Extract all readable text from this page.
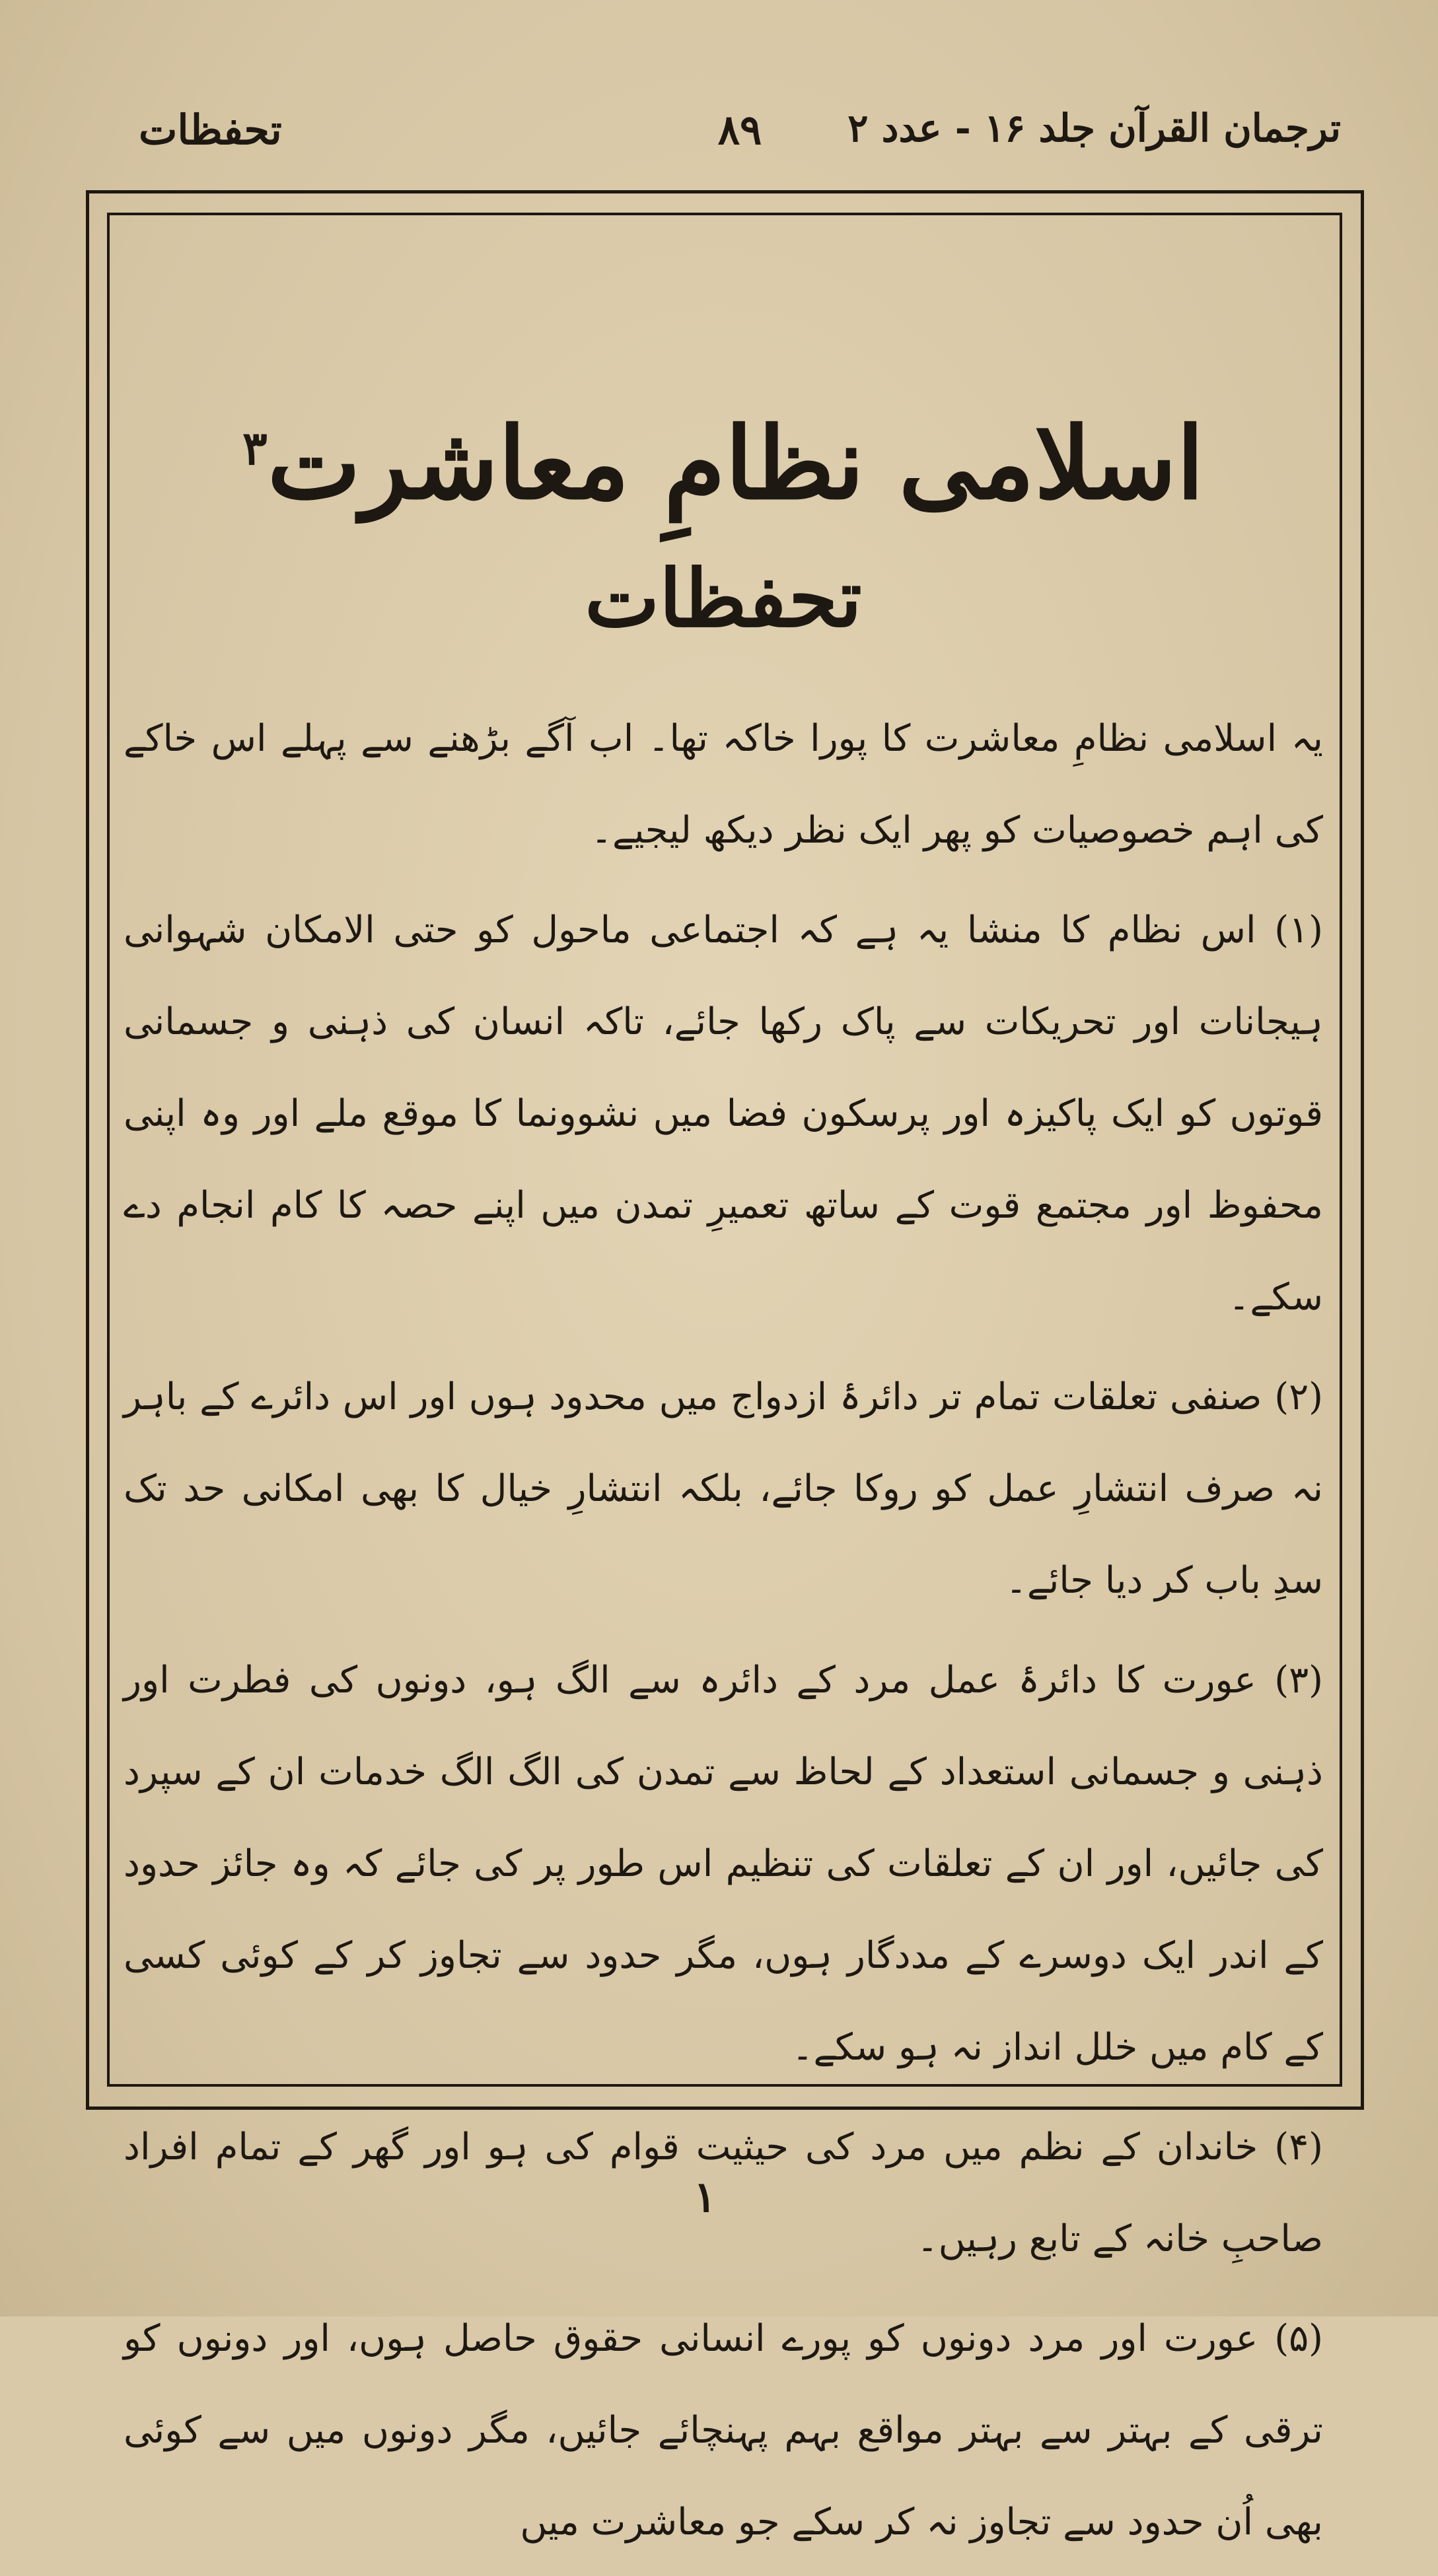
ترجمان القرآن جلد ۱۶ - عدد ۲
۸۹
تحفظات
اسلامی نظامِ معاشرت$^۳$
تحفظات

یہ اسلامی نظامِ معاشرت کا پورا خاکہ تھا۔ اب آگے بڑھنے سے پہلے اس خاکے کی اہم خصوصیات کو پھر ایک نظر دیکھ لیجیے۔

(۱) اس نظام کا منشا یہ ہے کہ اجتماعی ماحول کو حتی الامکان شہوانی ہیجانات اور تحریکات سے پاک رکھا جائے، تاکہ انسان کی ذہنی و جسمانی قوتوں کو ایک پاکیزہ اور پرسکون فضا میں نشوونما کا موقع ملے اور وہ اپنی محفوظ اور مجتمع قوت کے ساتھ تعمیرِ تمدن میں اپنے حصہ کا کام انجام دے سکے۔

(۲) صنفی تعلقات تمام تر دائرۂ ازدواج میں محدود ہوں اور اس دائرے کے باہر نہ صرف انتشارِ عمل کو روکا جائے، بلکہ انتشارِ خیال کا بھی امکانی حد تک سدِ باب کر دیا جائے۔

(۳) عورت کا دائرۂ عمل مرد کے دائرہ سے الگ ہو، دونوں کی فطرت اور ذہنی و جسمانی استعداد کے لحاظ سے تمدن کی الگ الگ خدمات ان کے سپرد کی جائیں، اور ان کے تعلقات کی تنظیم اس طور پر کی جائے کہ وہ جائز حدود کے اندر ایک دوسرے کے مددگار ہوں، مگر حدود سے تجاوز کر کے کوئی کسی کے کام میں خلل انداز نہ ہو سکے۔

(۴) خاندان کے نظم میں مرد کی حیثیت قوام کی ہو اور گھر کے تمام افراد صاحبِ خانہ کے تابع رہیں۔

(۵) عورت اور مرد دونوں کو پورے انسانی حقوق حاصل ہوں، اور دونوں کو ترقی کے بہتر سے بہتر مواقع بہم پہنچائے جائیں، مگر دونوں میں سے کوئی بھی اُن حدود سے تجاوز نہ کر سکے جو معاشرت میں

۱
